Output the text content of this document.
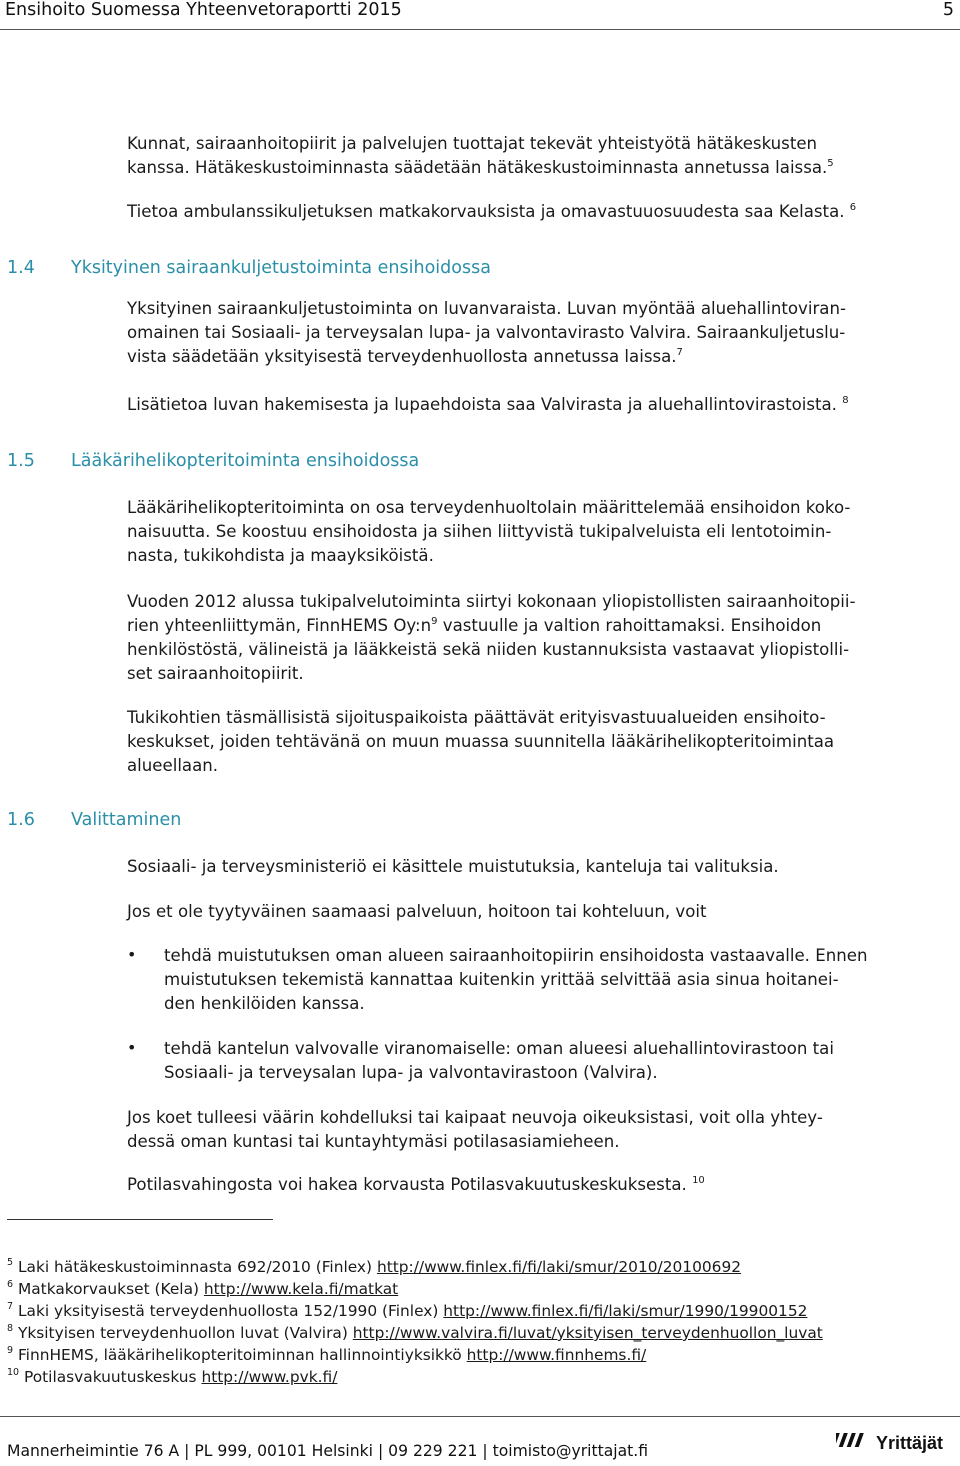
Ensihoito Suomessa Yhteenvetoraportti 2015	5
Kunnat, sairaanhoitopiirit ja palvelujen tuottajat tekevät yhteistyötä hätäkeskusten
kanssa. Hätäkeskustoiminnasta säädetään hätäkeskustoiminnasta annetussa laissa.$^5$
Tietoa ambulanssikuljetuksen matkakorvauksista ja omavastuuosuudesta saa Kelasta. $^6$
1.4 Yksityinen sairaankuljetustoiminta ensihoidossa
Yksityinen sairaankuljetustoiminta on luvanvaraista. Luvan myöntää aluehallintoviran-
omainen tai Sosiaali- ja terveysalan lupa- ja valvontavirasto Valvira. Sairaankuljetuslu-
vista säädetään yksityisestä terveydenhuollosta annetussa laissa.$^7$
Lisätietoa luvan hakemisesta ja lupaehdoista saa Valvirasta ja aluehallintovirastoista. $^8$
1.5 Lääkärihelikopteritoiminta ensihoidossa
Lääkärihelikopteritoiminta on osa terveydenhuoltolain määrittelemää ensihoidon koko-
naisuutta. Se koostuu ensihoidosta ja siihen liittyvistä tukipalveluista eli lentotoimin-
nasta, tukikohdista ja maayksiköistä.
Vuoden 2012 alussa tukipalvelutoiminta siirtyi kokonaan yliopistollisten sairaanhoitopii-
rien yhteenliittymän, FinnHEMS $Oy:n^9$ vastuulle ja valtion rahoittamaksi. Ensihoidon
henkilöstöstä, välineistä ja lääkkeistä sekä niiden kustannuksista vastaavat yliopistolli-
set sairaanhoitopiirit.
Tukikohtien täsmällisistä sijoituspaikoista päättävät erityisvastuualueiden ensihoito-
keskukset, joiden tehtävänä on muun muassa suunnitella lääkärihelikopteritoimintaa
alueellaan.
1.6 Valittaminen
Sosiaali- ja terveysministeriö ei käsittele muistutuksia, kanteluja tai valituksia.
Jos et ole tyytyväinen saamaasi palveluun, hoitoon tai kohteluun, voit
• tehdä muistutuksen oman alueen sairaanhoitopiirin ensihoidosta vastaavalle. Ennen
muistutuksen tekemistä kannattaa kuitenkin yrittää selvittää asia sinua hoitanei-
den henkilöiden kanssa.
• tehdä kantelun valvovalle viranomaiselle: oman alueesi aluehallintovirastoon tai
Sosiaali- ja terveysalan lupa- ja valvontavirastoon (Valvira).
Jos koet tulleesi väärin kohdelluksi tai kaipaat neuvoja oikeuksistasi, voit olla yhtey-
dessä oman kuntasi tai kuntayhtymäsi potilasasiamieheen.
Potilasvahingosta voi hakea korvausta Potilasvakuutuskeskuksesta. $^{10}$
$^5$ Laki hätäkeskustoiminnasta 692/2010 (Finlex) http://www.finlex.fi/fi/laki/smur/2010/20100692
$^6$ Matkakorvaukset (Kela) http://www.kela.fi/matkat
$^7$ Laki yksityisestä terveydenhuollosta 152/1990 (Finlex) http://www.finlex.fi/fi/laki/smur/1990/19900152
$^8$ Yksityisen terveydenhuollon luvat (Valvira) http://www.valvira.fi/luvat/yksityisen_terveydenhuollon_luvat
$^9$ FinnHEMS, lääkärihelikopteritoiminnan hallinnointiyksikkö http://www.finnhems.fi/
$^{10}$ Potilasvakuutuskeskus http://www.pvk.fi/
Mannerheimintie 76 A | PL 999, 00101 Helsinki | 09 229 221 | toimisto@yrittajat.fi	Yrittäjät
